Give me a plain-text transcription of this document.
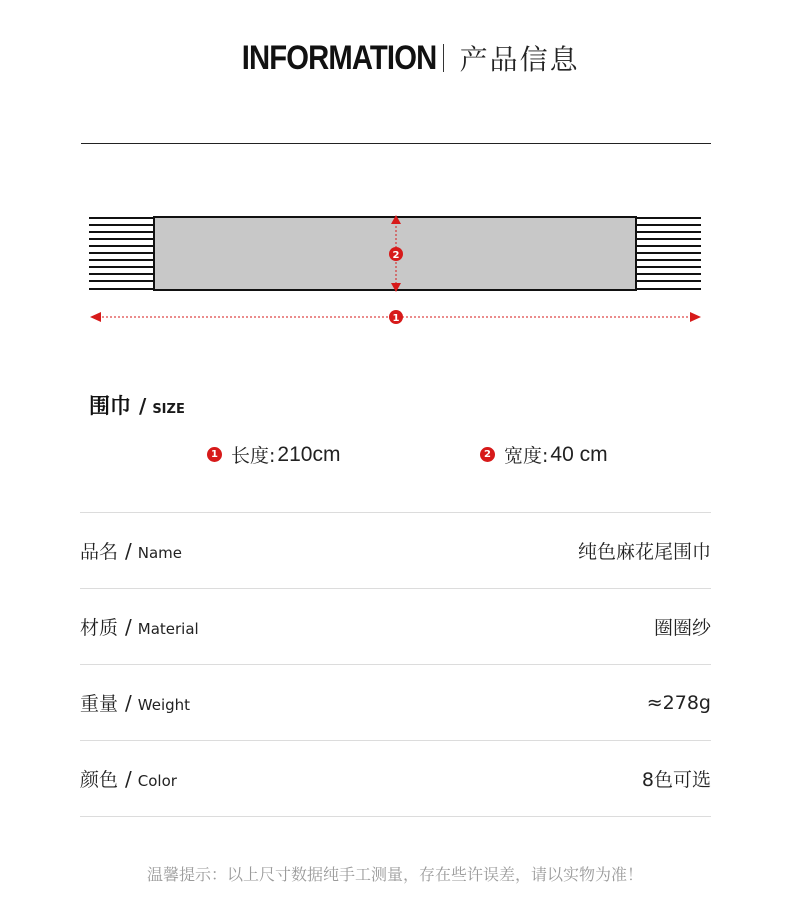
INFORMATION 产品信息
2
1
围巾 / SIZE
1 长度: 210cm	2 宽度: 40 cm
品名 / Name	纯色麻花尾围巾
材质 / Material	圈圈纱
重量 / Weight	≈278g
颜色 / Color	8色可选
温馨提示：以上尺寸数据纯手工测量，存在些许误差，请以实物为准！
